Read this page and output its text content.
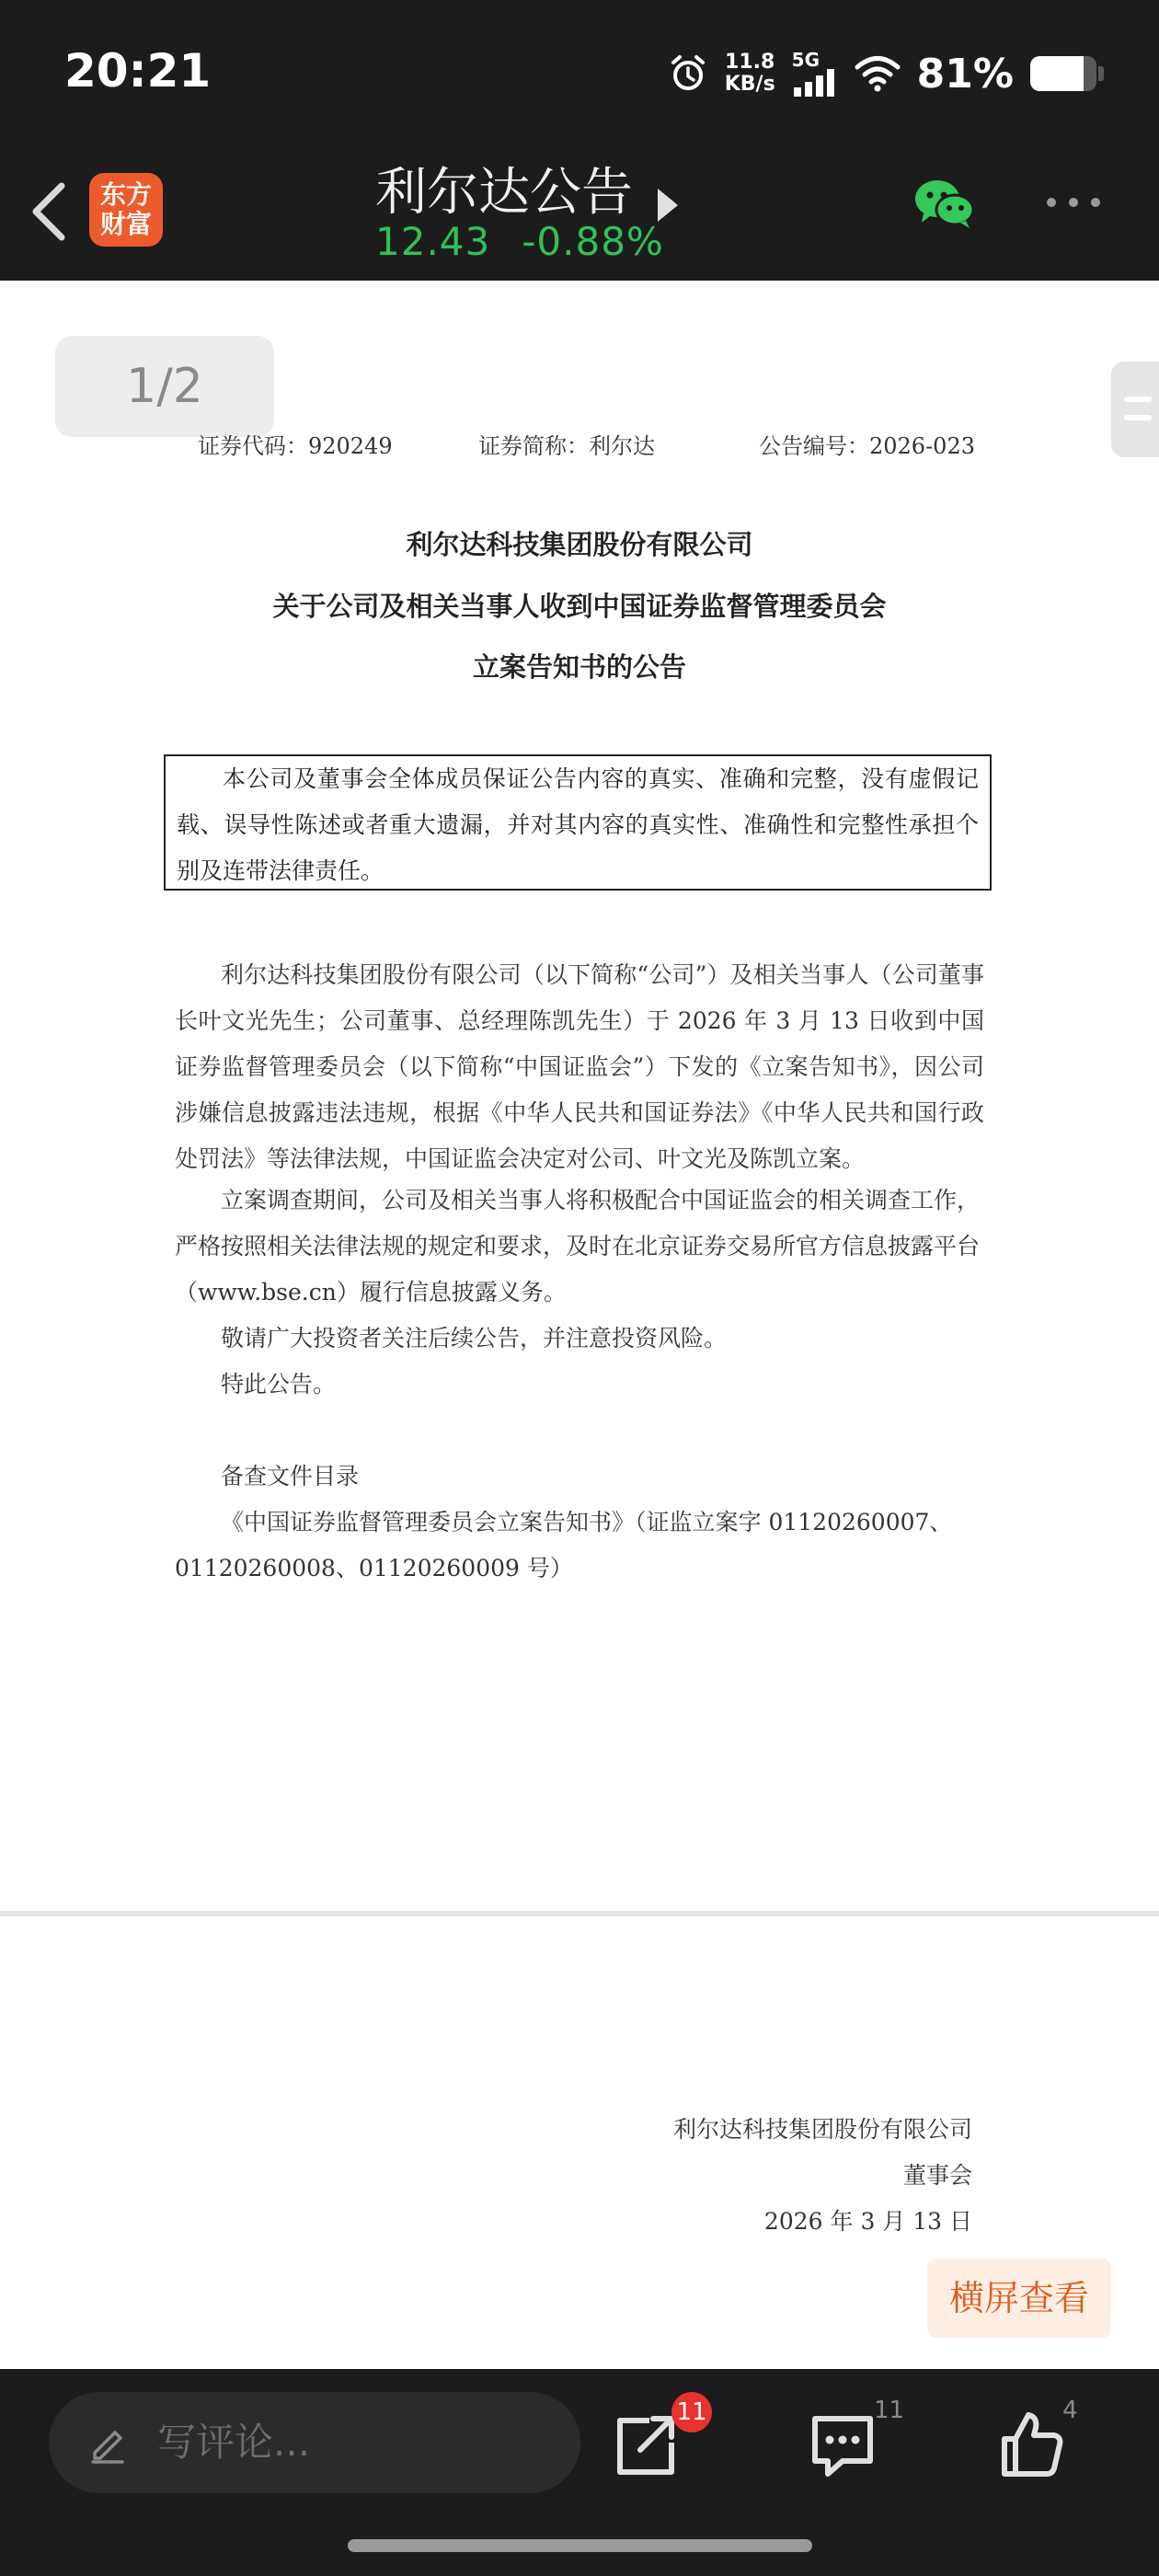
20:21	11.8
KB/s
5G 81%
东方
财富
利尔达公告
12.43 -0.88%
1/2
证券代码：920249	证券简称：利尔达	公告编号：2026-023
利尔达科技集团股份有限公司
关于公司及相关当事人收到中国证券监督管理委员会
立案告知书的公告

本公司及董事会全体成员保证公告内容的真实、准确和完整，没有虚假记载、误导性陈述或者重大遗漏，并对其内容的真实性、准确性和完整性承担个别及连带法律责任。

利尔达科技集团股份有限公司（以下简称“公司”）及相关当事人（公司董事长叶文光先生；公司董事、总经理陈凯先生）于 2026 年 3 月 13 日收到中国证券监督管理委员会（以下简称“中国证监会”）下发的《立案告知书》，因公司涉嫌信息披露违法违规，根据《中华人民共和国证券法》《中华人民共和国行政处罚法》等法律法规，中国证监会决定对公司、叶文光及陈凯立案。

立案调查期间，公司及相关当事人将积极配合中国证监会的相关调查工作，
严格按照相关法律法规的规定和要求，及时在北京证券交易所官方信息披露平台
（www.bse.cn）履行信息披露义务。
敬请广大投资者关注后续公告，并注意投资风险。
特此公告。
备查文件目录
《中国证券监督管理委员会立案告知书》（证监立案字 01120260007、
01120260008、01120260009 号）
利尔达科技集团股份有限公司
董事会
2026 年 3 月 13 日
横屏查看
写评论...
11	11	4
